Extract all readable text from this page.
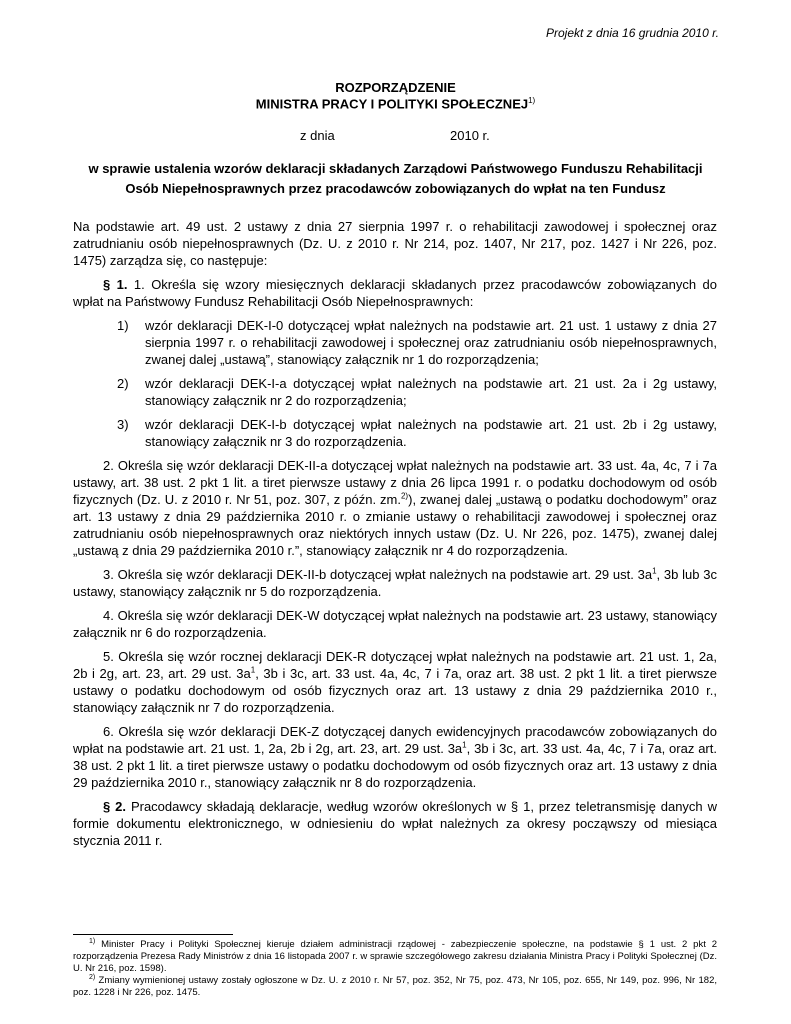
Projekt z dnia 16 grudnia 2010 r.
ROZPORZĄDZENIE
MINISTRA PRACY I POLITYKI SPOŁECZNEJ$^{1)}$
z dnia	2010 r.
w sprawie ustalenia wzorów deklaracji składanych Zarządowi Państwowego Funduszu Rehabilitacji
Osób Niepełnosprawnych przez pracodawców zobowiązanych do wpłat na ten Fundusz

Na podstawie art. 49 ust. 2 ustawy z dnia 27 sierpnia 1997 r. o rehabilitacji zawodowej i społecznej oraz zatrudnianiu osób niepełnosprawnych (Dz. U. z 2010 r. Nr 214, poz. 1407, Nr 217, poz. 1427 i Nr 226, poz. 1475) zarządza się, co następuje:

§ 1. 1. Określa się wzory miesięcznych deklaracji składanych przez pracodawców zobowiązanych do wpłat na Państwowy Fundusz Rehabilitacji Osób Niepełnosprawnych:

1) wzór deklaracji DEK-I-0 dotyczącej wpłat należnych na podstawie art. 21 ust. 1 ustawy z dnia 27 sierpnia 1997 r. o rehabilitacji zawodowej i społecznej oraz zatrudnianiu osób niepełnosprawnych, zwanej dalej „ustawą”, stanowiący załącznik nr 1 do rozporządzenia;
2) wzór deklaracji DEK-I-a dotyczącej wpłat należnych na podstawie art. 21 ust. 2a i 2g ustawy, stanowiący załącznik nr 2 do rozporządzenia;
3) wzór deklaracji DEK-I-b dotyczącej wpłat należnych na podstawie art. 21 ust. 2b i 2g ustawy, stanowiący załącznik nr 3 do rozporządzenia.

2. Określa się wzór deklaracji DEK-II-a dotyczącej wpłat należnych na podstawie art. 33 ust. 4a, 4c, 7 i 7a ustawy, art. 38 ust. 2 pkt 1 lit. a tiret pierwsze ustawy z dnia 26 lipca 1991 r. o podatku dochodowym od osób fizycznych (Dz. U. z 2010 r. Nr 51, poz. 307, z późn. zm.$^{2)}$), zwanej dalej „ustawą o podatku dochodowym” oraz art. 13 ustawy z dnia 29 października 2010 r. o zmianie ustawy o rehabilitacji zawodowej i społecznej oraz zatrudnianiu osób niepełnosprawnych oraz niektórych innych ustaw (Dz. U. Nr 226, poz. 1475), zwanej dalej „ustawą z dnia 29 października 2010 r.”, stanowiący załącznik nr 4 do rozporządzenia.

3. Określa się wzór deklaracji DEK-II-b dotyczącej wpłat należnych na podstawie art. 29 ust. $3a^1$, 3b lub 3c ustawy, stanowiący załącznik nr 5 do rozporządzenia.

4. Określa się wzór deklaracji DEK-W dotyczącej wpłat należnych na podstawie art. 23 ustawy, stanowiący załącznik nr 6 do rozporządzenia.

5. Określa się wzór rocznej deklaracji DEK-R dotyczącej wpłat należnych na podstawie art. 21 ust. 1, 2a, 2b i 2g, art. 23, art. 29 ust. $3a^1$, 3b i 3c, art. 33 ust. 4a, 4c, 7 i 7a, oraz art. 38 ust. 2 pkt 1 lit. a tiret pierwsze ustawy o podatku dochodowym od osób fizycznych oraz art. 13 ustawy z dnia 29 października 2010 r., stanowiący załącznik nr 7 do rozporządzenia.

6. Określa się wzór deklaracji DEK-Z dotyczącej danych ewidencyjnych pracodawców zobowiązanych do wpłat na podstawie art. 21 ust. 1, 2a, 2b i 2g, art. 23, art. 29 ust. $3a^1$, 3b i 3c, art. 33 ust. 4a, 4c, 7 i 7a, oraz art. 38 ust. 2 pkt 1 lit. a tiret pierwsze ustawy o podatku dochodowym od osób fizycznych oraz art. 13 ustawy z dnia 29 października 2010 r., stanowiący załącznik nr 8 do rozporządzenia.

§ 2. Pracodawcy składają deklaracje, według wzorów określonych w § 1, przez teletransmisję danych w formie dokumentu elektronicznego, w odniesieniu do wpłat należnych za okresy począwszy od miesiąca stycznia 2011 r.

$^{1)}$ Minister Pracy i Polityki Społecznej kieruje działem administracji rządowej - zabezpieczenie społeczne, na podstawie § 1 ust. 2 pkt 2 rozporządzenia Prezesa Rady Ministrów z dnia 16 listopada 2007 r. w sprawie szczegółowego zakresu działania Ministra Pracy i Polityki Społecznej (Dz. U. Nr 216, poz. 1598).

$^{2)}$ Zmiany wymienionej ustawy zostały ogłoszone w Dz. U. z 2010 r. Nr 57, poz. 352, Nr 75, poz. 473, Nr 105, poz. 655, Nr 149, poz. 996, Nr 182, poz. 1228 i Nr 226, poz. 1475.
